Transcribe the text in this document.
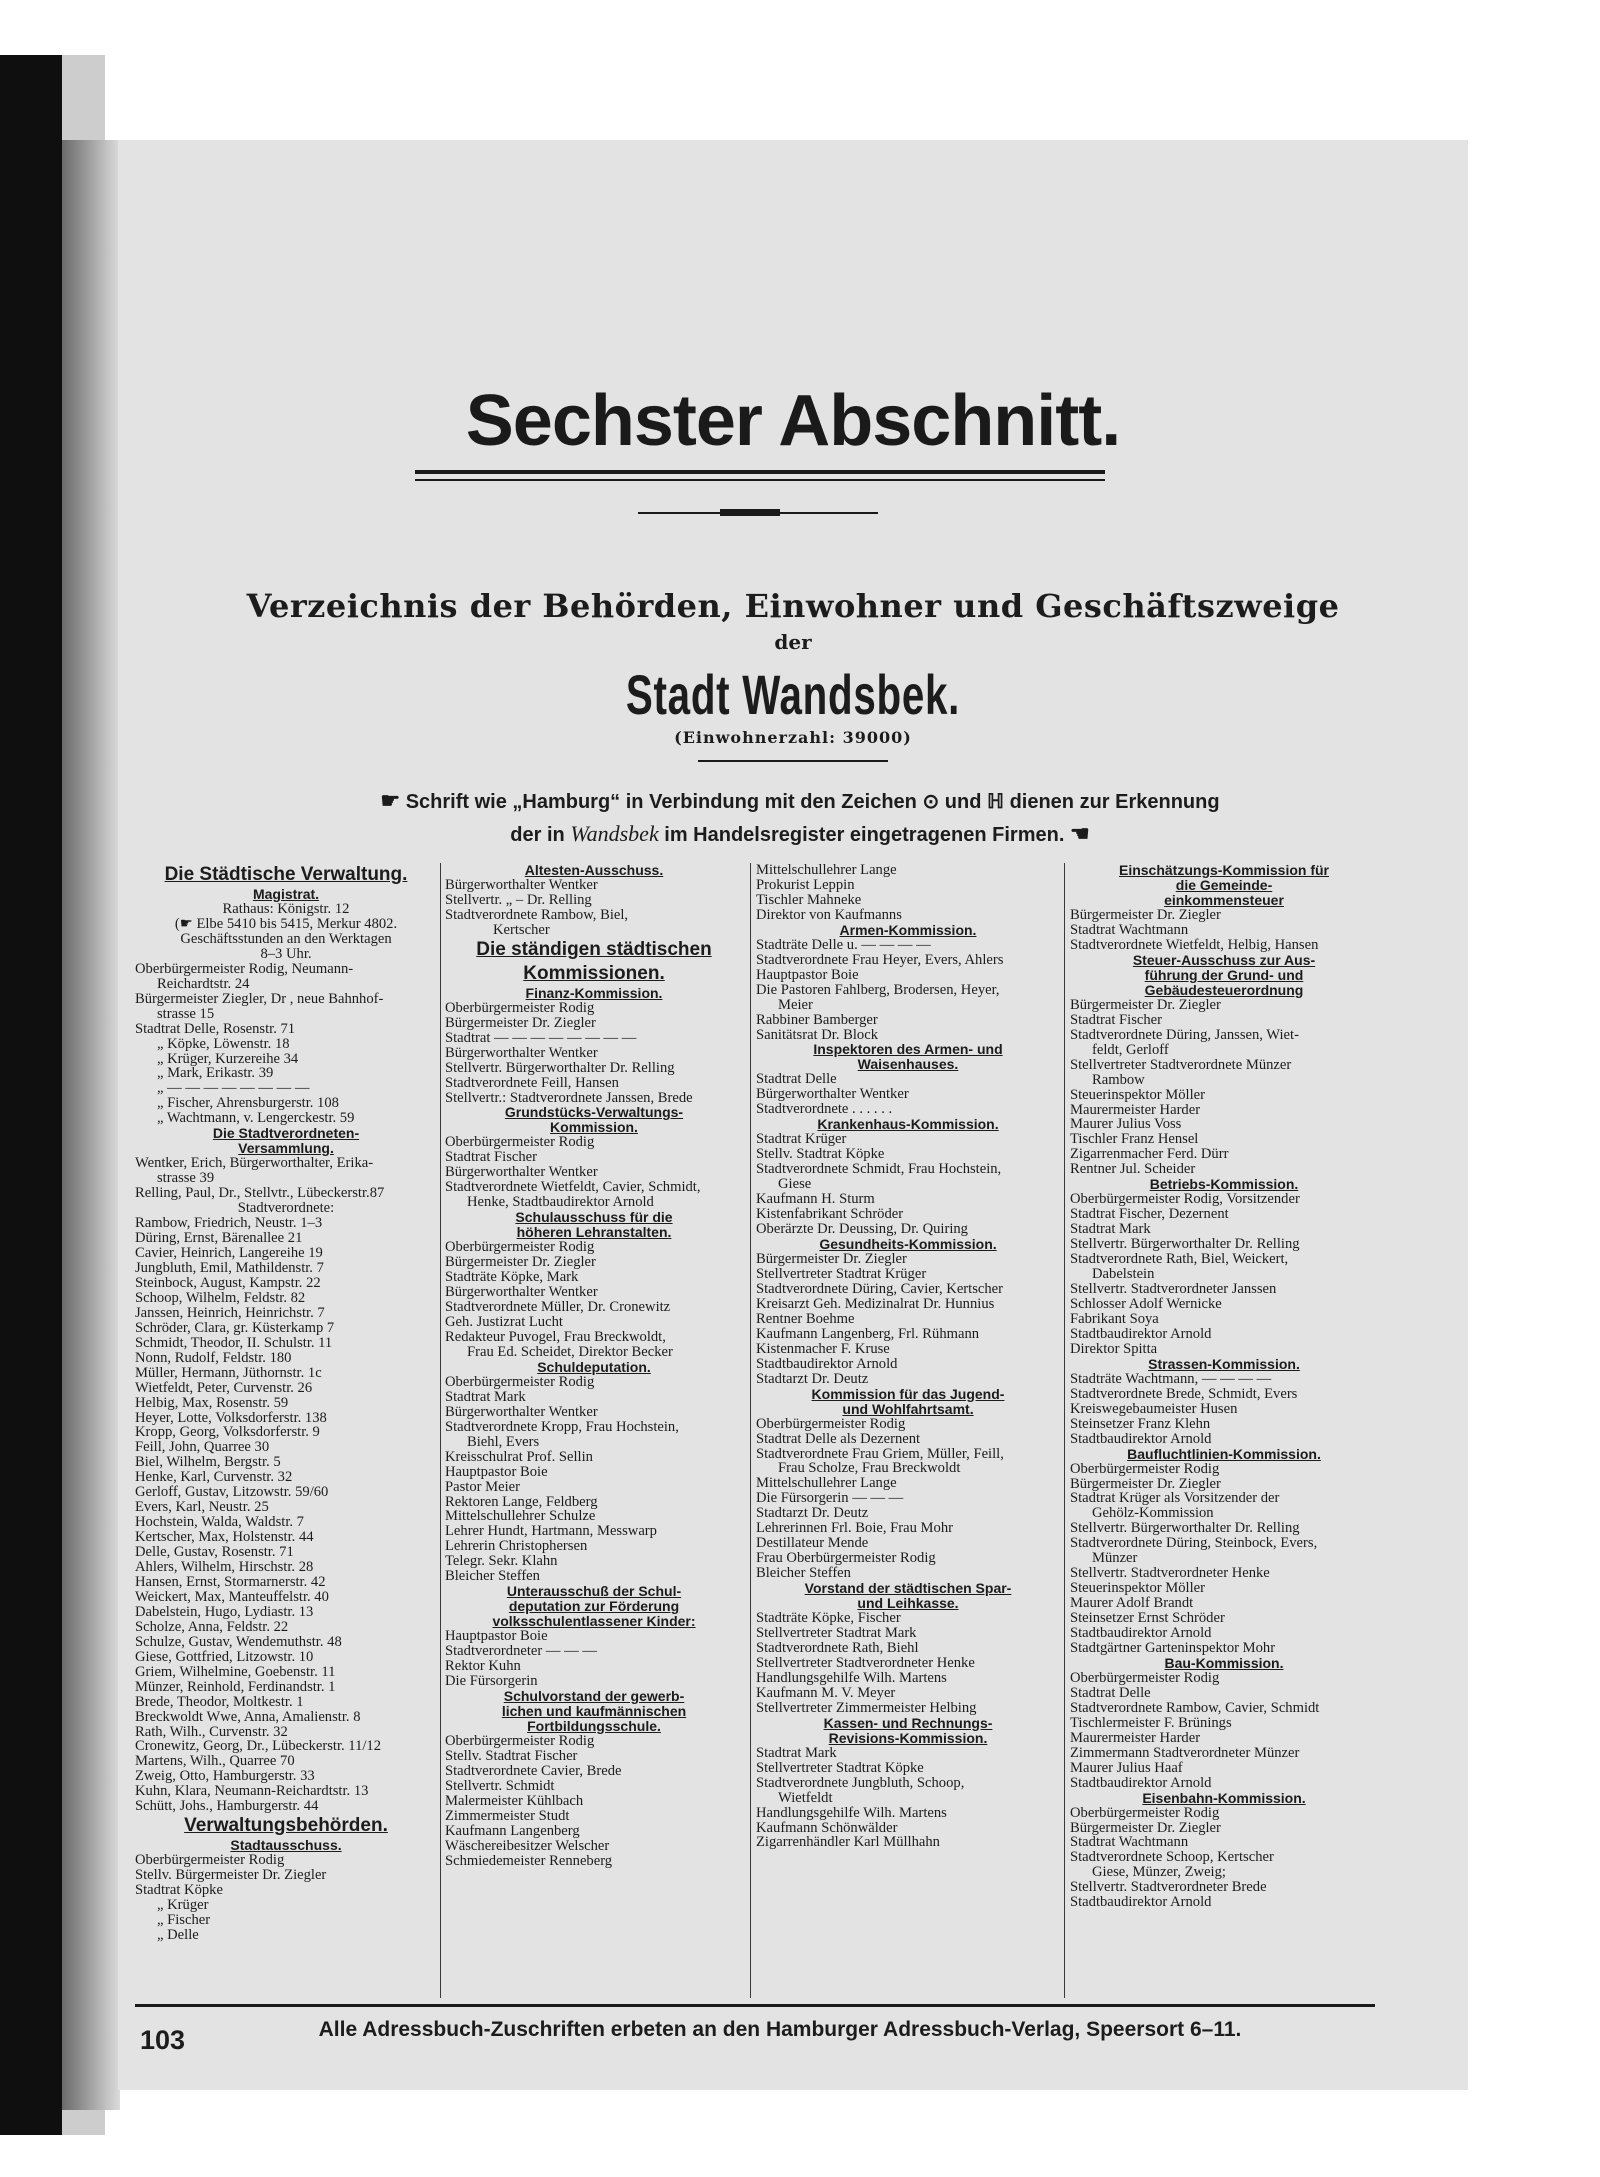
Sechster Abschnitt.
Verzeichnis der Behörden, Einwohner und Geschäftszweige
der
Stadt Wandsbek.
(Einwohnerzahl: 39000)
☛ Schrift wie „Hamburg“ in Verbindung mit den Zeichen ⊙ und ℍ dienen zur Erkennung
der in Wandsbek im Handelsregister eingetragenen Firmen. ☚
Die Städtische Verwaltung.
Magistrat.
Rathaus: Königstr. 12
(☛ Elbe 5410 bis 5415, Merkur 4802.
Geschäftsstunden an den Werktagen
8–3 Uhr.
Oberbürgermeister Rodig, Neumann-
Reichardtstr. 24
Bürgermeister Ziegler, Dr , neue Bahnhof-
strasse 15
Stadtrat Delle, Rosenstr. 71
„ Köpke, Löwenstr. 18
„ Krüger, Kurzereihe 34
„ Mark, Erikastr. 39
„ — — — — — — — —
„ Fischer, Ahrensburgerstr. 108
„ Wachtmann, v. Lengerckestr. 59
Die Stadtverordneten-
Versammlung.
Wentker, Erich, Bürgerworthalter, Erika-
strasse 39
Relling, Paul, Dr., Stellvtr., Lübeckerstr.87
Stadtverordnete:
Rambow, Friedrich, Neustr. 1–3
Düring, Ernst, Bärenallee 21
Cavier, Heinrich, Langereihe 19
Jungbluth, Emil, Mathildenstr. 7
Steinbock, August, Kampstr. 22
Schoop, Wilhelm, Feldstr. 82
Janssen, Heinrich, Heinrichstr. 7
Schröder, Clara, gr. Küsterkamp 7
Schmidt, Theodor, II. Schulstr. 11
Nonn, Rudolf, Feldstr. 180
Müller, Hermann, Jüthornstr. 1c
Wietfeldt, Peter, Curvenstr. 26
Helbig, Max, Rosenstr. 59
Heyer, Lotte, Volksdorferstr. 138
Kropp, Georg, Volksdorferstr. 9
Feill, John, Quarree 30
Biel, Wilhelm, Bergstr. 5
Henke, Karl, Curvenstr. 32
Gerloff, Gustav, Litzowstr. 59/60
Evers, Karl, Neustr. 25
Hochstein, Walda, Waldstr. 7
Kertscher, Max, Holstenstr. 44
Delle, Gustav, Rosenstr. 71
Ahlers, Wilhelm, Hirschstr. 28
Hansen, Ernst, Stormarnerstr. 42
Weickert, Max, Manteuffelstr. 40
Dabelstein, Hugo, Lydiastr. 13
Scholze, Anna, Feldstr. 22
Schulze, Gustav, Wendemuthstr. 48
Giese, Gottfried, Litzowstr. 10
Griem, Wilhelmine, Goebenstr. 11
Münzer, Reinhold, Ferdinandstr. 1
Brede, Theodor, Moltkestr. 1
Breckwoldt Wwe, Anna, Amalienstr. 8
Rath, Wilh., Curvenstr. 32
Cronewitz, Georg, Dr., Lübeckerstr. 11/12
Martens, Wilh., Quarree 70
Zweig, Otto, Hamburgerstr. 33
Kuhn, Klara, Neumann-Reichardtstr. 13
Schütt, Johs., Hamburgerstr. 44
Verwaltungsbehörden.
Stadtausschuss.
Oberbürgermeister Rodig
Stellv. Bürgermeister Dr. Ziegler
Stadtrat Köpke
„ Krüger
„ Fischer
„ Delle
Altesten-Ausschuss.
Bürgerworthalter Wentker
Stellvertr. „ – Dr. Relling
Stadtverordnete Rambow, Biel,
Kertscher
Die ständigen städtischen
Kommissionen.
Finanz-Kommission.
Oberbürgermeister Rodig
Bürgermeister Dr. Ziegler
Stadtrat — — — — — — — —
Bürgerworthalter Wentker
Stellvertr. Bürgerworthalter Dr. Relling
Stadtverordnete Feill, Hansen
Stellvertr.: Stadtverordnete Janssen, Brede
Grundstücks-Verwaltungs-
Kommission.
Oberbürgermeister Rodig
Stadtrat Fischer
Bürgerworthalter Wentker
Stadtverordnete Wietfeldt, Cavier, Schmidt,
Henke, Stadtbaudirektor Arnold
Schulausschuss für die
höheren Lehranstalten.
Oberbürgermeister Rodig
Bürgermeister Dr. Ziegler
Stadträte Köpke, Mark
Bürgerworthalter Wentker
Stadtverordnete Müller, Dr. Cronewitz
Geh. Justizrat Lucht
Redakteur Puvogel, Frau Breckwoldt,
Frau Ed. Scheidet, Direktor Becker
Schuldeputation.
Oberbürgermeister Rodig
Stadtrat Mark
Bürgerworthalter Wentker
Stadtverordnete Kropp, Frau Hochstein,
Biehl, Evers
Kreisschulrat Prof. Sellin
Hauptpastor Boie
Pastor Meier
Rektoren Lange, Feldberg
Mittelschullehrer Schulze
Lehrer Hundt, Hartmann, Messwarp
Lehrerin Christophersen
Telegr. Sekr. Klahn
Bleicher Steffen
Unterausschuß der Schul-
deputation zur Förderung
volksschulentlassener Kinder:
Hauptpastor Boie
Stadtverordneter — — —
Rektor Kuhn
Die Fürsorgerin
Schulvorstand der gewerb-
lichen und kaufmännischen
Fortbildungsschule.
Oberbürgermeister Rodig
Stellv. Stadtrat Fischer
Stadtverordnete Cavier, Brede
Stellvertr. Schmidt
Malermeister Kühlbach
Zimmermeister Studt
Kaufmann Langenberg
Wäschereibesitzer Welscher
Schmiedemeister Renneberg
Mittelschullehrer Lange
Prokurist Leppin
Tischler Mahneke
Direktor von Kaufmanns
Armen-Kommission.
Stadträte Delle u. — — — —
Stadtverordnete Frau Heyer, Evers, Ahlers
Hauptpastor Boie
Die Pastoren Fahlberg, Brodersen, Heyer,
Meier
Rabbiner Bamberger
Sanitätsrat Dr. Block
Inspektoren des Armen- und
Waisenhauses.
Stadtrat Delle
Bürgerworthalter Wentker
Stadtverordnete . . . . . .
Krankenhaus-Kommission.
Stadtrat Krüger
Stellv. Stadtrat Köpke
Stadtverordnete Schmidt, Frau Hochstein,
Giese
Kaufmann H. Sturm
Kistenfabrikant Schröder
Oberärzte Dr. Deussing, Dr. Quiring
Gesundheits-Kommission.
Bürgermeister Dr. Ziegler
Stellvertreter Stadtrat Krüger
Stadtverordnete Düring, Cavier, Kertscher
Kreisarzt Geh. Medizinalrat Dr. Hunnius
Rentner Boehme
Kaufmann Langenberg, Frl. Rühmann
Kistenmacher F. Kruse
Stadtbaudirektor Arnold
Stadtarzt Dr. Deutz
Kommission für das Jugend-
und Wohlfahrtsamt.
Oberbürgermeister Rodig
Stadtrat Delle als Dezernent
Stadtverordnete Frau Griem, Müller, Feill,
Frau Scholze, Frau Breckwoldt
Mittelschullehrer Lange
Die Fürsorgerin — — —
Stadtarzt Dr. Deutz
Lehrerinnen Frl. Boie, Frau Mohr
Destillateur Mende
Frau Oberbürgermeister Rodig
Bleicher Steffen
Vorstand der städtischen Spar-
und Leihkasse.
Stadträte Köpke, Fischer
Stellvertreter Stadtrat Mark
Stadtverordnete Rath, Biehl
Stellvertreter Stadtverordneter Henke
Handlungsgehilfe Wilh. Martens
Kaufmann M. V. Meyer
Stellvertreter Zimmermeister Helbing
Kassen- und Rechnungs-
Revisions-Kommission.
Stadtrat Mark
Stellvertreter Stadtrat Köpke
Stadtverordnete Jungbluth, Schoop,
Wietfeldt
Handlungsgehilfe Wilh. Martens
Kaufmann Schönwälder
Zigarrenhändler Karl Müllhahn
Einschätzungs-Kommission für
die Gemeinde-
einkommensteuer
Bürgermeister Dr. Ziegler
Stadtrat Wachtmann
Stadtverordnete Wietfeldt, Helbig, Hansen
Steuer-Ausschuss zur Aus-
führung der Grund- und
Gebäudesteuerordnung
Bürgermeister Dr. Ziegler
Stadtrat Fischer
Stadtverordnete Düring, Janssen, Wiet-
feldt, Gerloff
Stellvertreter Stadtverordnete Münzer
Rambow
Steuerinspektor Möller
Maurermeister Harder
Maurer Julius Voss
Tischler Franz Hensel
Zigarrenmacher Ferd. Dürr
Rentner Jul. Scheider
Betriebs-Kommission.
Oberbürgermeister Rodig, Vorsitzender
Stadtrat Fischer, Dezernent
Stadtrat Mark
Stellvertr. Bürgerworthalter Dr. Relling
Stadtverordnete Rath, Biel, Weickert,
Dabelstein
Stellvertr. Stadtverordneter Janssen
Schlosser Adolf Wernicke
Fabrikant Soya
Stadtbaudirektor Arnold
Direktor Spitta
Strassen-Kommission.
Stadträte Wachtmann, — — — —
Stadtverordnete Brede, Schmidt, Evers
Kreiswegebaumeister Husen
Steinsetzer Franz Klehn
Stadtbaudirektor Arnold
Baufluchtlinien-Kommission.
Oberbürgermeister Rodig
Bürgermeister Dr. Ziegler
Stadtrat Krüger als Vorsitzender der
Gehölz-Kommission
Stellvertr. Bürgerworthalter Dr. Relling
Stadtverordnete Düring, Steinbock, Evers,
Münzer
Stellvertr. Stadtverordneter Henke
Steuerinspektor Möller
Maurer Adolf Brandt
Steinsetzer Ernst Schröder
Stadtbaudirektor Arnold
Stadtgärtner Garteninspektor Mohr
Bau-Kommission.
Oberbürgermeister Rodig
Stadtrat Delle
Stadtverordnete Rambow, Cavier, Schmidt
Tischlermeister F. Brünings
Maurermeister Harder
Zimmermann Stadtverordneter Münzer
Maurer Julius Haaf
Stadtbaudirektor Arnold
Eisenbahn-Kommission.
Oberbürgermeister Rodig
Bürgermeister Dr. Ziegler
Stadtrat Wachtmann
Stadtverordnete Schoop, Kertscher
Giese, Münzer, Zweig;
Stellvertr. Stadtverordneter Brede
Stadtbaudirektor Arnold
103	Alle Adressbuch-Zuschriften erbeten an den Hamburger Adressbuch-Verlag, Speersort 6–11.
